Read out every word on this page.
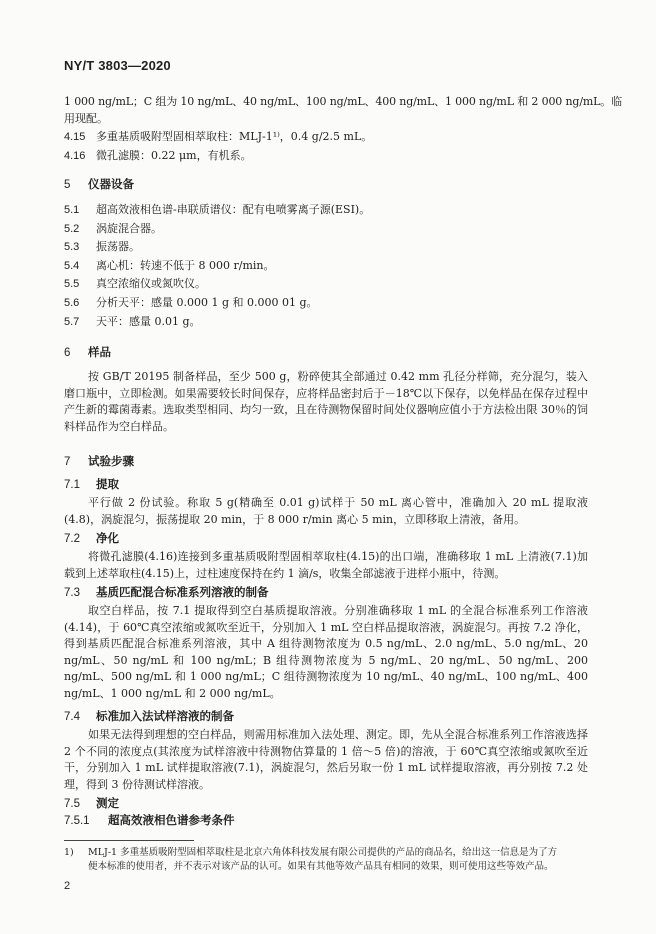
NY/T 3803—2020
1 000 ng/mL；C 组为 10 ng/mL、40 ng/mL、100 ng/mL、400 ng/mL、1 000 ng/mL 和 2 000 ng/mL。临
用现配。
4.15 多重基质吸附型固相萃取柱：MLJ-1¹⁾，0.4 g/2.5 mL。
4.16 微孔滤膜：0.22 μm，有机系。
5 仪器设备
5.1 超高效液相色谱-串联质谱仪：配有电喷雾离子源(ESI)。
5.2 涡旋混合器。
5.3 振荡器。
5.4 离心机：转速不低于 8 000 r/min。
5.5 真空浓缩仪或氮吹仪。
5.6 分析天平：感量 0.000 1 g 和 0.000 01 g。
5.7 天平：感量 0.01 g。
6 样品

按 GB/T 20195 制备样品，至少 500 g，粉碎使其全部通过 0.42 mm 孔径分样筛，充分混匀，装入磨口瓶中，立即检测。如果需要较长时间保存，应将样品密封后于－18℃以下保存，以免样品在保存过程中产生新的霉菌毒素。选取类型相同、均匀一致，且在待测物保留时间处仪器响应值小于方法检出限 30％的饲料样品作为空白样品。

7 试验步骤
7.1 提取

平行做 2 份试验。称取 5 g(精确至 0.01 g)试样于 50 mL 离心管中，准确加入 20 mL 提取液(4.8)，涡旋混匀，振荡提取 20 min，于 8 000 r/min 离心 5 min，立即移取上清液，备用。

7.2 净化

将微孔滤膜(4.16)连接到多重基质吸附型固相萃取柱(4.15)的出口端，准确移取 1 mL 上清液(7.1)加载到上述萃取柱(4.15)上，过柱速度保持在约 1 滴/s，收集全部滤液于进样小瓶中，待测。

7.3 基质匹配混合标准系列溶液的制备

取空白样品，按 7.1 提取得到空白基质提取溶液。分别准确移取 1 mL 的全混合标准系列工作溶液(4.14)，于 60℃真空浓缩或氮吹至近干，分别加入 1 mL 空白样品提取溶液，涡旋混匀。再按 7.2 净化，得到基质匹配混合标准系列溶液，其中 A 组待测物浓度为 0.5 ng/mL、2.0 ng/mL、5.0 ng/mL、20 ng/mL、50 ng/mL 和 100 ng/mL；B 组待测物浓度为 5 ng/mL、20 ng/mL、50 ng/mL、200 ng/mL、500 ng/mL 和 1 000 ng/mL；C 组待测物浓度为 10 ng/mL、40 ng/mL、100 ng/mL、400 ng/mL、1 000 ng/mL 和 2 000 ng/mL。

7.4 标准加入法试样溶液的制备

如果无法得到理想的空白样品，则需用标准加入法处理、测定。即，先从全混合标准系列工作溶液选择 2 个不同的浓度点(其浓度为试样溶液中待测物估算量的 1 倍～5 倍)的溶液，于 60℃真空浓缩或氮吹至近干，分别加入 1 mL 试样提取溶液(7.1)，涡旋混匀，然后另取一份 1 mL 试样提取溶液，再分别按 7.2 处理，得到 3 份待测试样溶液。

7.5 测定
7.5.1 超高效液相色谱参考条件
1) MLJ-1 多重基质吸附型固相萃取柱是北京六角体科技发展有限公司提供的产品的商品名，给出这一信息是为了方
便本标准的使用者，并不表示对该产品的认可。如果有其他等效产品具有相同的效果，则可使用这些等效产品。
2
